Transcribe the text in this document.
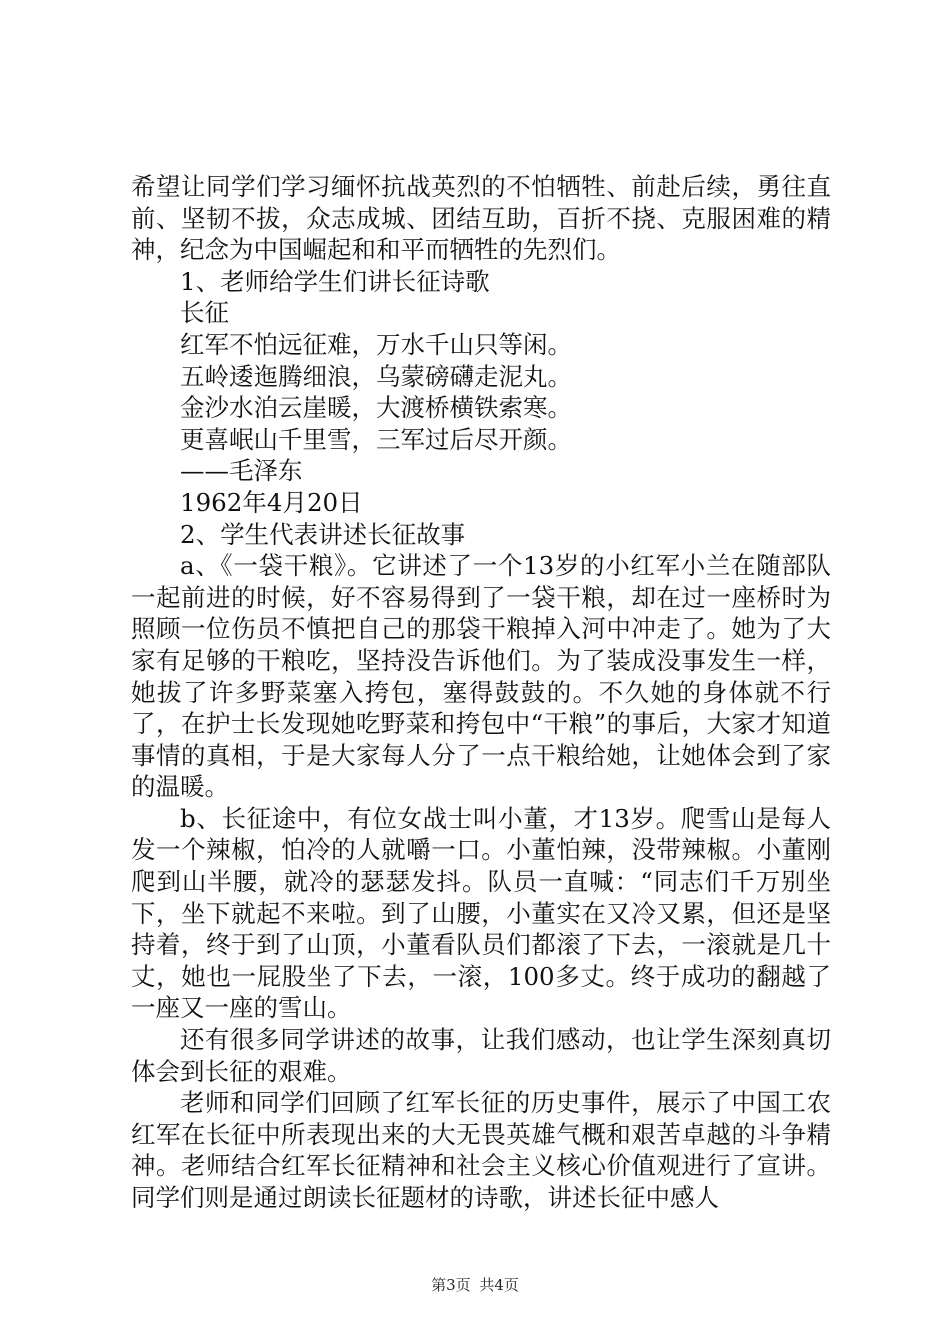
希望让同学们学习缅怀抗战英烈的不怕牺牲、前赴后续，勇往直前、坚韧不拔，众志成城、团结互助，百折不挠、克服困难的精神，纪念为中国崛起和和平而牺牲的先烈们。

1、老师给学生们讲长征诗歌

长征

红军不怕远征难，万水千山只等闲。

五岭逶迤腾细浪，乌蒙磅礴走泥丸。

金沙水泊云崖暖，大渡桥横铁索寒。

更喜岷山千里雪，三军过后尽开颜。

——毛泽东

1962年4月20日

2、学生代表讲述长征故事

a、《一袋干粮》。它讲述了一个13岁的小红军小兰在随部队一起前进的时候，好不容易得到了一袋干粮，却在过一座桥时为照顾一位伤员不慎把自己的那袋干粮掉入河中冲走了。她为了大家有足够的干粮吃，坚持没告诉他们。为了装成没事发生一样，她拔了许多野菜塞入挎包，塞得鼓鼓的。不久她的身体就不行了，在护士长发现她吃野菜和挎包中“干粮”的事后，大家才知道事情的真相，于是大家每人分了一点干粮给她，让她体会到了家的温暖。

b、长征途中，有位女战士叫小董，才13岁。爬雪山是每人发一个辣椒，怕冷的人就嚼一口。小董怕辣，没带辣椒。小董刚爬到山半腰，就冷的瑟瑟发抖。队员一直喊：“同志们千万别坐下，坐下就起不来啦。到了山腰，小董实在又冷又累，但还是坚持着，终于到了山顶，小董看队员们都滚了下去，一滚就是几十丈，她也一屁股坐了下去，一滚，100多丈。终于成功的翻越了一座又一座的雪山。

还有很多同学讲述的故事，让我们感动，也让学生深刻真切体会到长征的艰难。

老师和同学们回顾了红军长征的历史事件，展示了中国工农红军在长征中所表现出来的大无畏英雄气概和艰苦卓越的斗争精神。老师结合红军长征精神和社会主义核心价值观进行了宣讲。同学们则是通过朗读长征题材的诗歌，讲述长征中感人

第3页 共4页
